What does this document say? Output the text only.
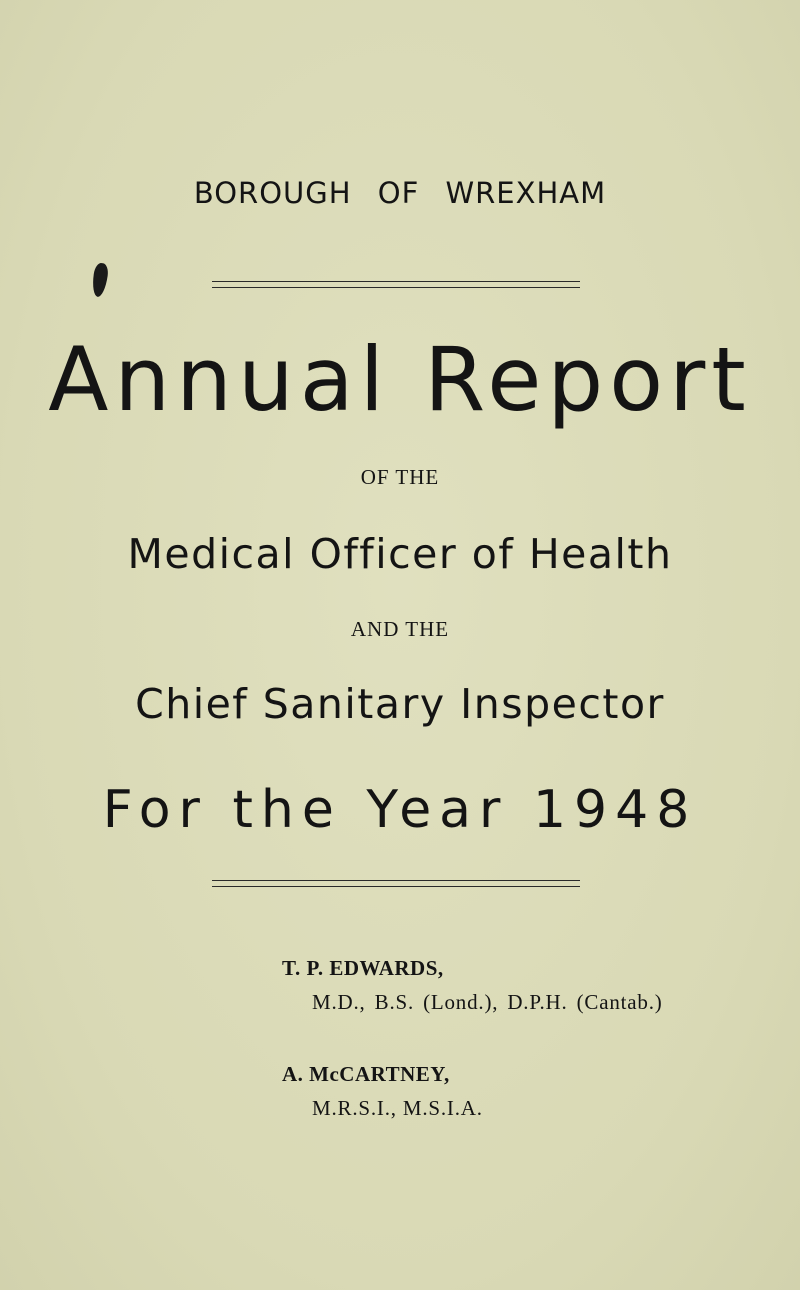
BOROUGH OF WREXHAM
Annual Report
OF THE
Medical Officer of Health
AND THE
Chief Sanitary Inspector
For the Year 1948
T. P. EDWARDS,
M.D., B.S. (Lond.), D.P.H. (Cantab.)
A. McCARTNEY,
M.R.S.I., M.S.I.A.
